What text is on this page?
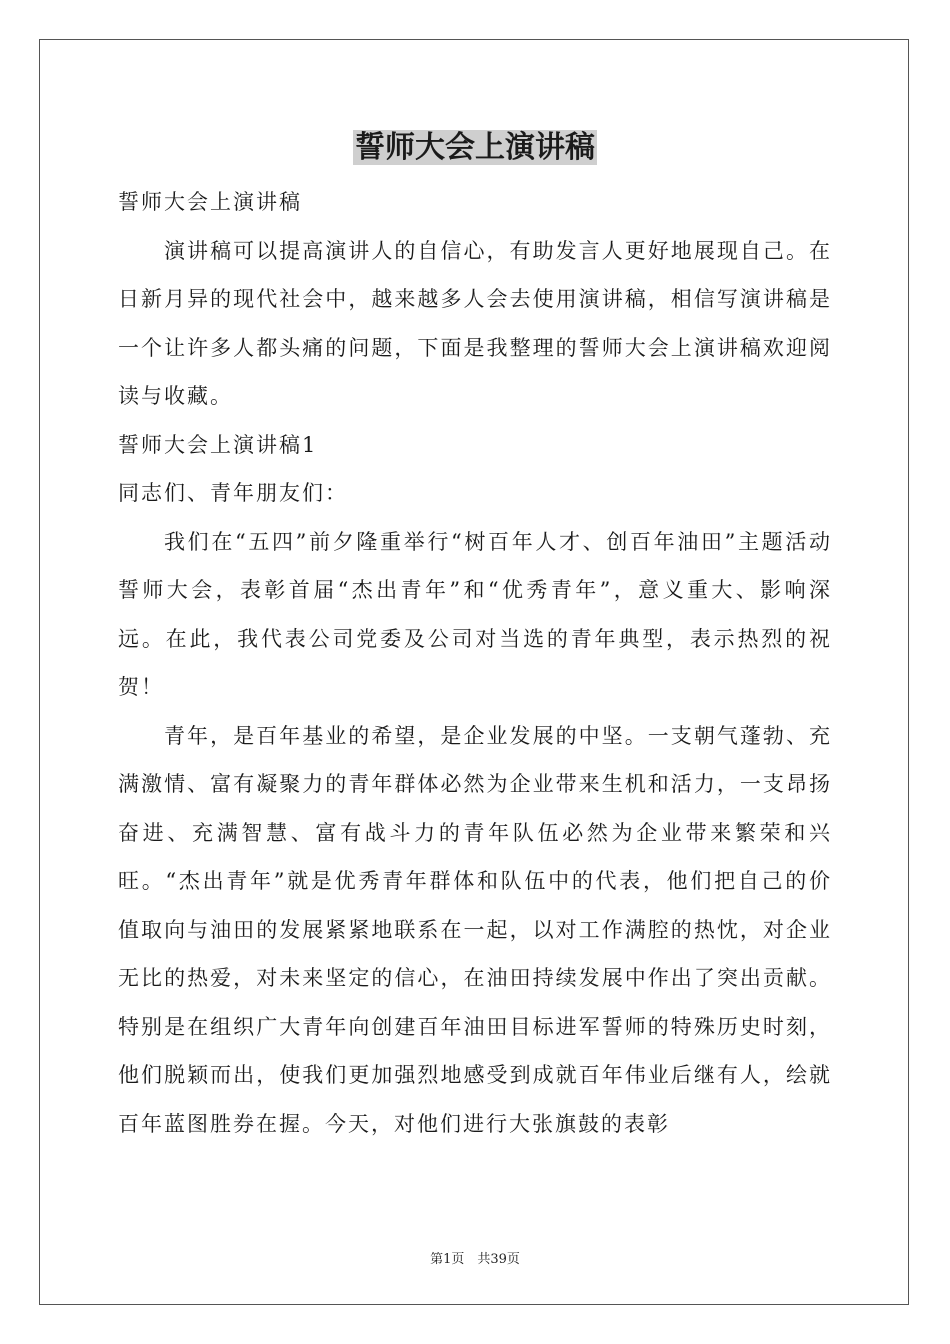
誓师大会上演讲稿

誓师大会上演讲稿

演讲稿可以提高演讲人的自信心，有助发言人更好地展现自己。在日新月异的现代社会中，越来越多人会去使用演讲稿，相信写演讲稿是一个让许多人都头痛的问题，下面是我整理的誓师大会上演讲稿欢迎阅读与收藏。

誓师大会上演讲稿1

同志们、青年朋友们：

我们在“五四”前夕隆重举行“树百年人才、创百年油田”主题活动誓师大会，表彰首届“杰出青年”和“优秀青年”，意义重大、影响深远。在此，我代表公司党委及公司对当选的青年典型，表示热烈的祝贺！

青年，是百年基业的希望，是企业发展的中坚。一支朝气蓬勃、充满激情、富有凝聚力的青年群体必然为企业带来生机和活力，一支昂扬奋进、充满智慧、富有战斗力的青年队伍必然为企业带来繁荣和兴旺。“杰出青年”就是优秀青年群体和队伍中的代表，他们把自己的价值取向与油田的发展紧紧地联系在一起，以对工作满腔的热忱，对企业无比的热爱，对未来坚定的信心，在油田持续发展中作出了突出贡献。特别是在组织广大青年向创建百年油田目标进军誓师的特殊历史时刻，他们脱颖而出，使我们更加强烈地感受到成就百年伟业后继有人，绘就百年蓝图胜券在握。今天，对他们进行大张旗鼓的表彰

第1页　共39页
